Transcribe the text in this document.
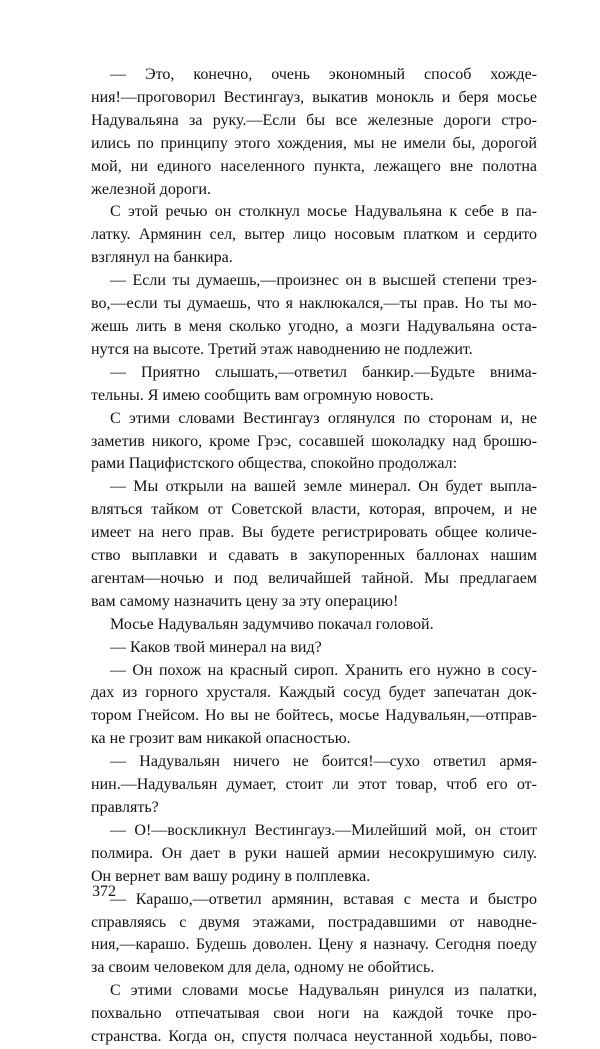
— Это, конечно, очень экономный способ хожде-
ния!—проговорил Вестингауз, выкатив монокль и беря мосье
Надувальяна за руку.—Если бы все железные дороги стро-
ились по принципу этого хождения, мы не имели бы, дорогой
мой, ни единого населенного пункта, лежащего вне полотна
железной дороги.
С этой речью он столкнул мосье Надувальяна к себе в па-
латку. Армянин сел, вытер лицо носовым платком и сердито
взглянул на банкира.
— Если ты думаешь,—произнес он в высшей степени трез-
во,—если ты думаешь, что я наклюкался,—ты прав. Но ты мо-
жешь лить в меня сколько угодно, а мозги Надувальяна оста-
нутся на высоте. Третий этаж наводнению не подлежит.
— Приятно слышать,—ответил банкир.—Будьте внима-
тельны. Я имею сообщить вам огромную новость.
С этими словами Вестингауз оглянулся по сторонам и, не
заметив никого, кроме Грэс, сосавшей шоколадку над брошю-
рами Пацифистского общества, спокойно продолжал:
— Мы открыли на вашей земле минерал. Он будет выпла-
вляться тайком от Советской власти, которая, впрочем, и не
имеет на него прав. Вы будете регистрировать общее количе-
ство выплавки и сдавать в закупоренных баллонах нашим
агентам—ночью и под величайшей тайной. Мы предлагаем
вам самому назначить цену за эту операцию!
Мосье Надувальян задумчиво покачал головой.
— Каков твой минерал на вид?
— Он похож на красный сироп. Хранить его нужно в сосу-
дах из горного хрусталя. Каждый сосуд будет запечатан док-
тором Гнейсом. Но вы не бойтесь, мосье Надувальян,—отправ-
ка не грозит вам никакой опасностью.
— Надувальян ничего не боится!—сухо ответил армя-
нин.—Надувальян думает, стоит ли этот товар, чтоб его от-
правлять?
— О!—воскликнул Вестингауз.—Милейший мой, он стоит
полмира. Он дает в руки нашей армии несокрушимую силу.
Он вернет вам вашу родину в полплевка.
— Карашо,—ответил армянин, вставая с места и быстро
справляясь с двумя этажами, пострадавшими от наводне-
ния,—карашо. Будешь доволен. Цену я назначу. Сегодня поеду
за своим человеком для дела, одному не обойтись.
С этими словами мосье Надувальян ринулся из палатки,
похвально отпечатывая свои ноги на каждой точке про-
странства. Когда он, спустя полчаса неустанной ходьбы, пово-
372
